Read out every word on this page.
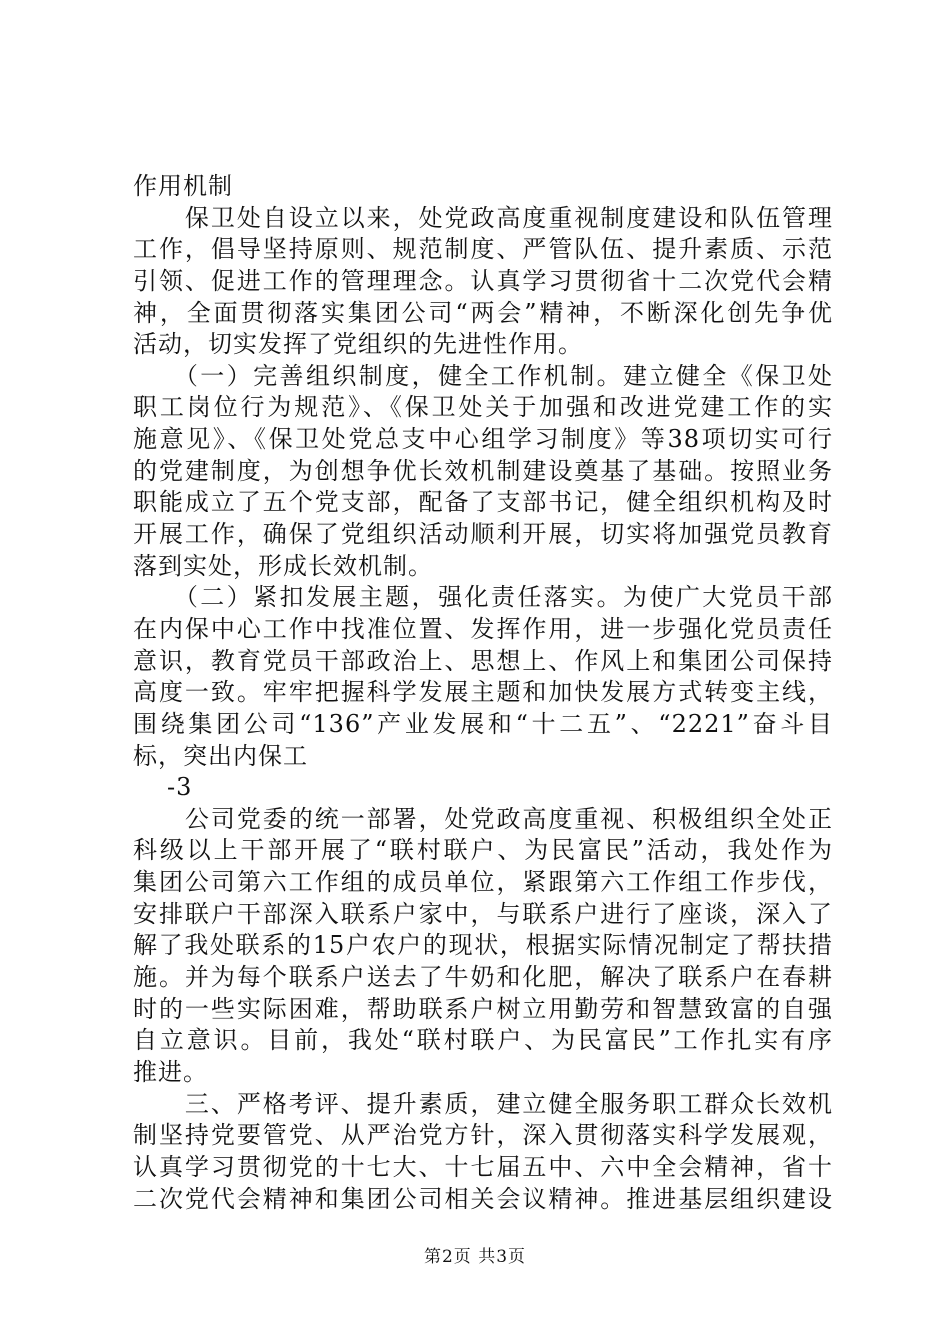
作用机制
　　保卫处自设立以来，处党政高度重视制度建设和队伍管理
工作，倡导坚持原则、规范制度、严管队伍、提升素质、示范
引领、促进工作的管理理念。认真学习贯彻省十二次党代会精
神，全面贯彻落实集团公司“两会”精神，不断深化创先争优
活动，切实发挥了党组织的先进性作用。
　　（一）完善组织制度，健全工作机制。建立健全《保卫处
职工岗位行为规范》、《保卫处关于加强和改进党建工作的实
施意见》、《保卫处党总支中心组学习制度》等38项切实可行
的党建制度，为创想争优长效机制建设奠基了基础。按照业务
职能成立了五个党支部，配备了支部书记，健全组织机构及时
开展工作，确保了党组织活动顺利开展，切实将加强党员教育
落到实处，形成长效机制。
　　（二）紧扣发展主题，强化责任落实。为使广大党员干部
在内保中心工作中找准位置、发挥作用，进一步强化党员责任
意识，教育党员干部政治上、思想上、作风上和集团公司保持
高度一致。牢牢把握科学发展主题和加快发展方式转变主线，
围绕集团公司“136”产业发展和“十二五”、“2221”奋斗目
标，突出内保工
-3
　　公司党委的统一部署，处党政高度重视、积极组织全处正
科级以上干部开展了“联村联户、为民富民”活动，我处作为
集团公司第六工作组的成员单位，紧跟第六工作组工作步伐，
安排联户干部深入联系户家中，与联系户进行了座谈，深入了
解了我处联系的15户农户的现状，根据实际情况制定了帮扶措
施。并为每个联系户送去了牛奶和化肥，解决了联系户在春耕
时的一些实际困难，帮助联系户树立用勤劳和智慧致富的自强
自立意识。目前，我处“联村联户、为民富民”工作扎实有序
推进。
　　三、严格考评、提升素质，建立健全服务职工群众长效机
制坚持党要管党、从严治党方针，深入贯彻落实科学发展观，
认真学习贯彻党的十七大、十七届五中、六中全会精神，省十
二次党代会精神和集团公司相关会议精神。推进基层组织建设
第2页 共3页
